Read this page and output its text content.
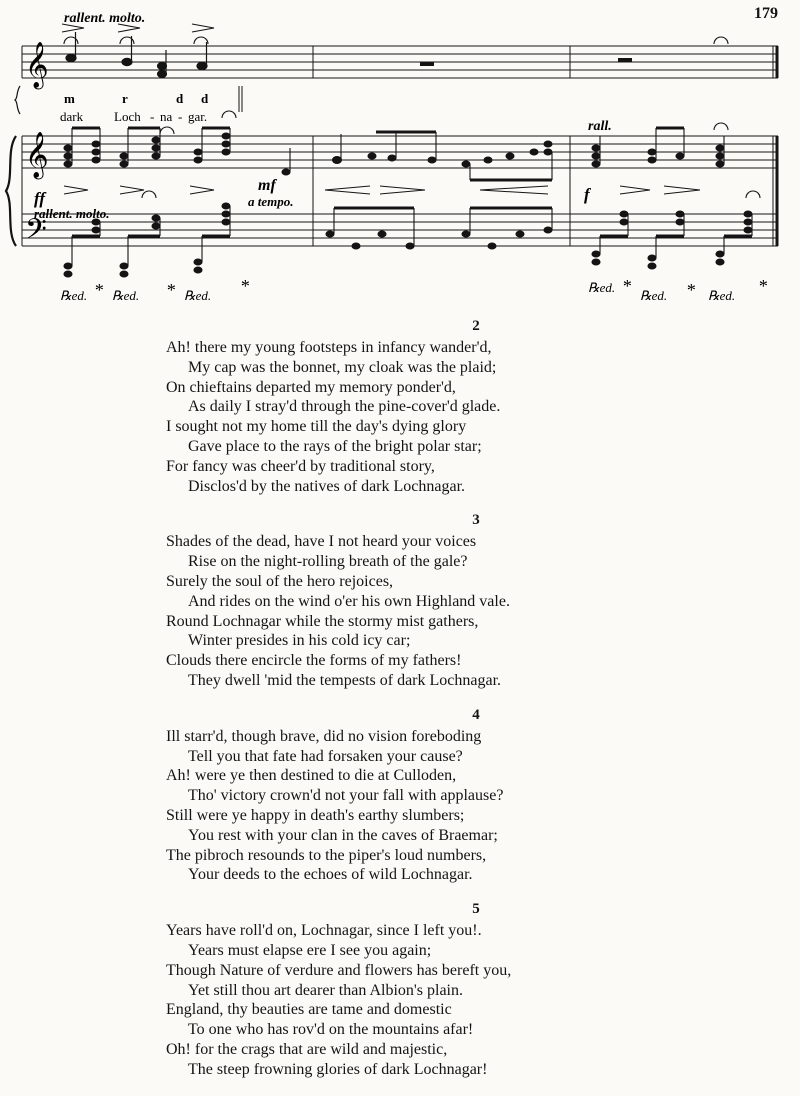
179
𝄞
𝄞
𝄢
rallent. molto.
m	r	d d
dark Loch - na - gar.
rall.
ff
mf
a tempo.	f
rallent. molto.
℞ed. * ℞ed. * ℞ed. *	℞ed. * ℞ed. * ℞ed. *
2
Ah! there my young footsteps in infancy wander'd,
My cap was the bonnet, my cloak was the plaid;
On chieftains departed my memory ponder'd,
As daily I stray'd through the pine-cover'd glade.
I sought not my home till the day's dying glory
Gave place to the rays of the bright polar star;
For fancy was cheer'd by traditional story,
Disclos'd by the natives of dark Lochnagar.
3
Shades of the dead, have I not heard your voices
Rise on the night-rolling breath of the gale?
Surely the soul of the hero rejoices,
And rides on the wind o'er his own Highland vale.
Round Lochnagar while the stormy mist gathers,
Winter presides in his cold icy car;
Clouds there encircle the forms of my fathers!
They dwell 'mid the tempests of dark Lochnagar.
4
Ill starr'd, though brave, did no vision foreboding
Tell you that fate had forsaken your cause?
Ah! were ye then destined to die at Culloden,
Tho' victory crown'd not your fall with applause?
Still were ye happy in death's earthy slumbers;
You rest with your clan in the caves of Braemar;
The pibroch resounds to the piper's loud numbers,
Your deeds to the echoes of wild Lochnagar.
5
Years have roll'd on, Lochnagar, since I left you!.
Years must elapse ere I see you again;
Though Nature of verdure and flowers has bereft you,
Yet still thou art dearer than Albion's plain.
England, thy beauties are tame and domestic
To one who has rov'd on the mountains afar!
Oh! for the crags that are wild and majestic,
The steep frowning glories of dark Lochnagar!
